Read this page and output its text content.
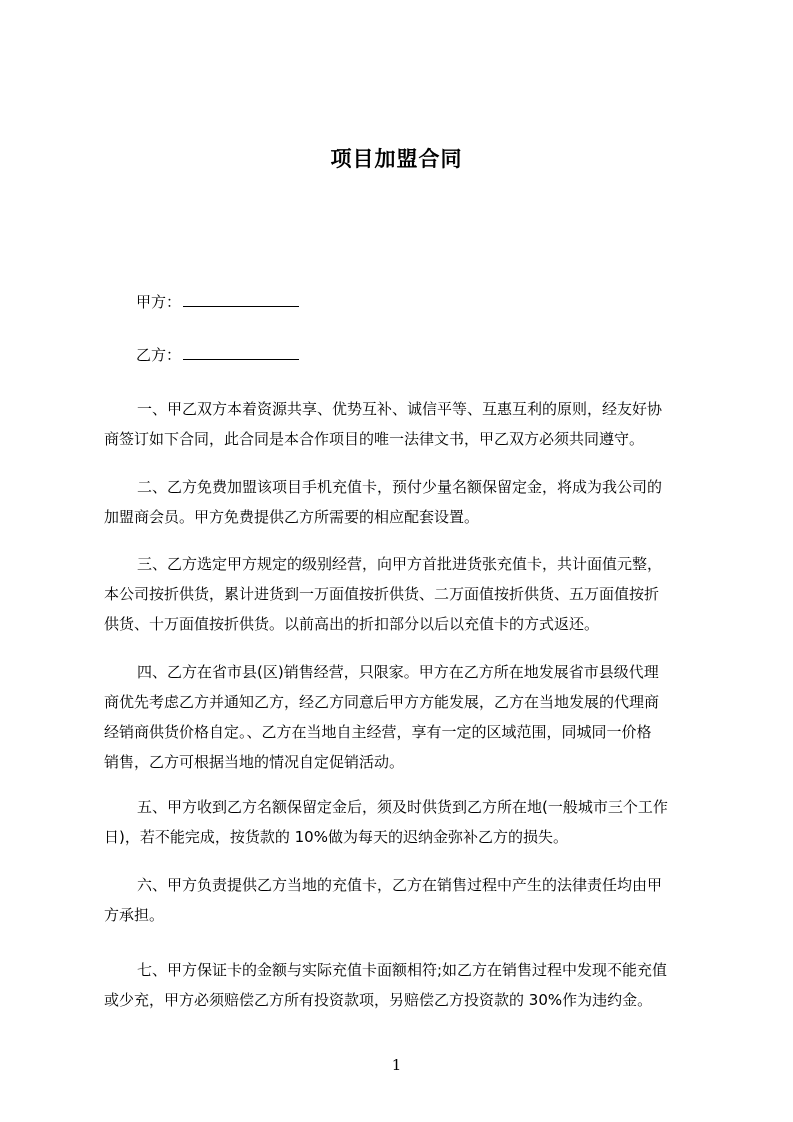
项目加盟合同
甲方：
乙方：
一、甲乙双方本着资源共享、优势互补、诚信平等、互惠互利的原则，经友好协
商签订如下合同，此合同是本合作项目的唯一法律文书，甲乙双方必须共同遵守。
二、乙方免费加盟该项目手机充值卡，预付少量名额保留定金，将成为我公司的
加盟商会员。甲方免费提供乙方所需要的相应配套设置。
三、乙方选定甲方规定的级别经营，向甲方首批进货张充值卡，共计面值元整，
本公司按折供货，累计进货到一万面值按折供货、二万面值按折供货、五万面值按折
供货、十万面值按折供货。以前高出的折扣部分以后以充值卡的方式返还。
四、乙方在省市县(区)销售经营，只限家。甲方在乙方所在地发展省市县级代理
商优先考虑乙方并通知乙方，经乙方同意后甲方方能发展，乙方在当地发展的代理商
经销商供货价格自定。、乙方在当地自主经营，享有一定的区域范围，同城同一价格
销售，乙方可根据当地的情况自定促销活动。
五、甲方收到乙方名额保留定金后，须及时供货到乙方所在地(一般城市三个工作
日)，若不能完成，按货款的 10%做为每天的迟纳金弥补乙方的损失。
六、甲方负责提供乙方当地的充值卡，乙方在销售过程中产生的法律责任均由甲
方承担。
七、甲方保证卡的金额与实际充值卡面额相符;如乙方在销售过程中发现不能充值
或少充，甲方必须赔偿乙方所有投资款项，另赔偿乙方投资款的 30%作为违约金。
1
